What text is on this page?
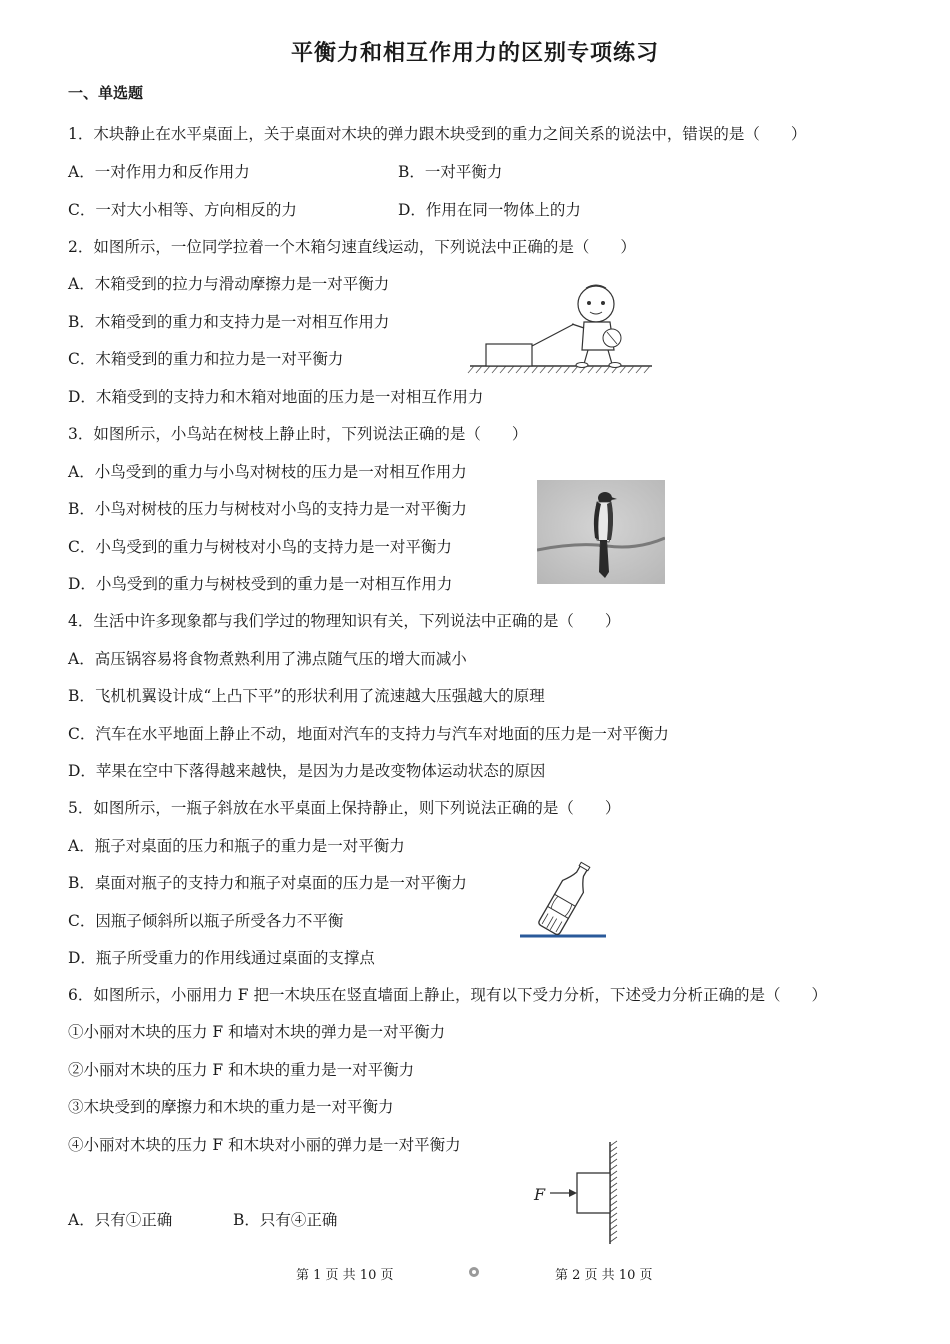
平衡力和相互作用力的区别专项练习
一、单选题
1．木块静止在水平桌面上，关于桌面对木块的弹力跟木块受到的重力之间关系的说法中，错误的是（　　）
A．一对作用力和反作用力	B．一对平衡力
C．一对大小相等、方向相反的力	D．作用在同一物体上的力
2．如图所示，一位同学拉着一个木箱匀速直线运动，下列说法中正确的是（　　）
A．木箱受到的拉力与滑动摩擦力是一对平衡力
B．木箱受到的重力和支持力是一对相互作用力
C．木箱受到的重力和拉力是一对平衡力
D．木箱受到的支持力和木箱对地面的压力是一对相互作用力
3．如图所示，小鸟站在树枝上静止时，下列说法正确的是（　　）
A．小鸟受到的重力与小鸟对树枝的压力是一对相互作用力
B．小鸟对树枝的压力与树枝对小鸟的支持力是一对平衡力
C．小鸟受到的重力与树枝对小鸟的支持力是一对平衡力
D．小鸟受到的重力与树枝受到的重力是一对相互作用力
4．生活中许多现象都与我们学过的物理知识有关，下列说法中正确的是（　　）
A．高压锅容易将食物煮熟利用了沸点随气压的增大而减小
B．飞机机翼设计成“上凸下平”的形状利用了流速越大压强越大的原理
C．汽车在水平地面上静止不动，地面对汽车的支持力与汽车对地面的压力是一对平衡力
D．苹果在空中下落得越来越快，是因为力是改变物体运动状态的原因
5．如图所示，一瓶子斜放在水平桌面上保持静止，则下列说法正确的是（　　）
A．瓶子对桌面的压力和瓶子的重力是一对平衡力
B．桌面对瓶子的支持力和瓶子对桌面的压力是一对平衡力
C．因瓶子倾斜所以瓶子所受各力不平衡
D．瓶子所受重力的作用线通过桌面的支撑点
6．如图所示，小丽用力 F 把一木块压在竖直墙面上静止，现有以下受力分析，下述受力分析正确的是（　　）
①小丽对木块的压力 F 和墙对木块的弹力是一对平衡力
②小丽对木块的压力 F 和木块的重力是一对平衡力
③木块受到的摩擦力和木块的重力是一对平衡力
④小丽对木块的压力 F 和木块对小丽的弹力是一对平衡力
A．只有①正确	B．只有④正确
F
第 1 页 共 10 页	第 2 页 共 10 页
